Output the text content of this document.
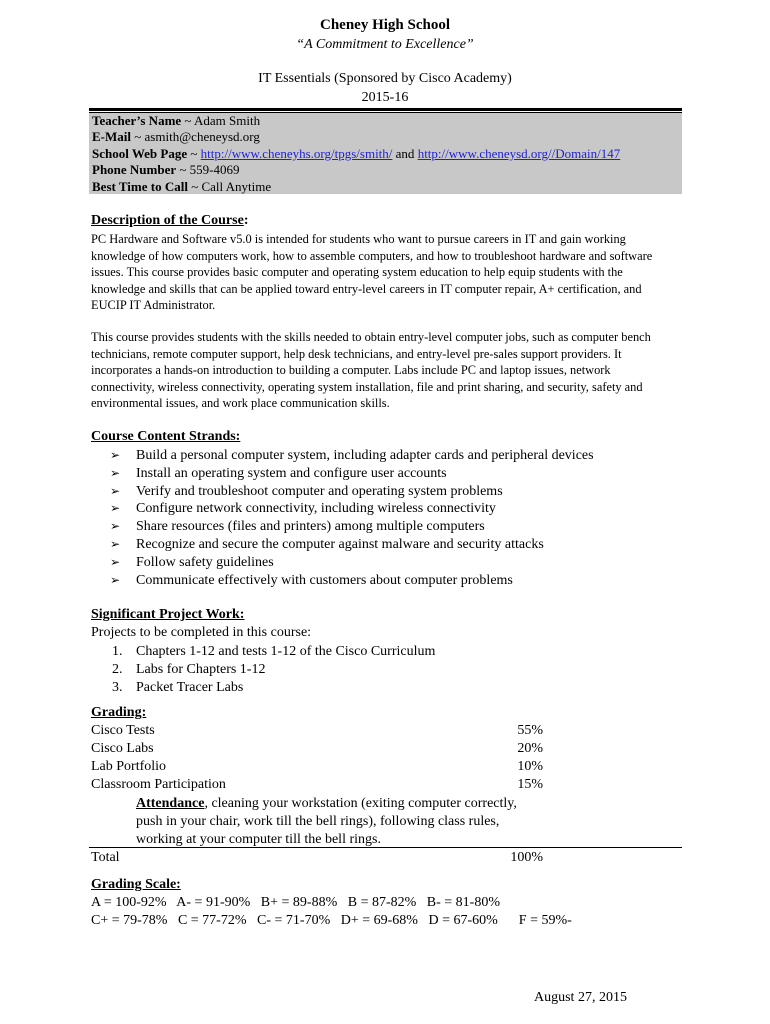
Cheney High School
“A Commitment to Excellence”
IT Essentials (Sponsored by Cisco Academy)
2015-16
Teacher’s Name ~ Adam Smith
E-Mail ~ asmith@cheneysd.org
School Web Page ~ http://www.cheneyhs.org/tpgs/smith/ and http://www.cheneysd.org//Domain/147
Phone Number ~ 559-4069
Best Time to Call ~ Call Anytime
Description of the Course:

PC Hardware and Software v5.0 is intended for students who want to pursue careers in IT and gain working knowledge of how computers work, how to assemble computers, and how to troubleshoot hardware and software issues. This course provides basic computer and operating system education to help equip students with the knowledge and skills that can be applied toward entry-level careers in IT computer repair, A+ certification, and EUCIP IT Administrator.

This course provides students with the skills needed to obtain entry-level computer jobs, such as computer bench technicians, remote computer support, help desk technicians, and entry-level pre-sales support providers. It incorporates a hands-on introduction to building a computer. Labs include PC and laptop issues, network connectivity, wireless connectivity, operating system installation, file and print sharing, and security, safety and environmental issues, and work place communication skills.

Course Content Strands:
➢ Build a personal computer system, including adapter cards and peripheral devices
➢ Install an operating system and configure user accounts
➢ Verify and troubleshoot computer and operating system problems
➢ Configure network connectivity, including wireless connectivity
➢ Share resources (files and printers) among multiple computers
➢ Recognize and secure the computer against malware and security attacks
➢ Follow safety guidelines
➢ Communicate effectively with customers about computer problems
Significant Project Work:
Projects to be completed in this course:
1. Chapters 1-12 and tests 1-12 of the Cisco Curriculum
2. Labs for Chapters 1-12
3. Packet Tracer Labs
Grading:
Cisco Tests	55%
Cisco Labs	20%
Lab Portfolio	10%
Classroom Participation	15%
Attendance, cleaning your workstation (exiting computer correctly, push in your chair, work till the bell rings), following class rules, working at your computer till the bell rings.
Total	100%
Grading Scale:
A = 100-92%   A- = 91-90%   B+ = 89-88%   B = 87-82%   B- = 81-80%
C+ = 79-78%   C = 77-72%   C- = 71-70%   D+ = 69-68%   D = 67-60%      F = 59%-
August 27, 2015
